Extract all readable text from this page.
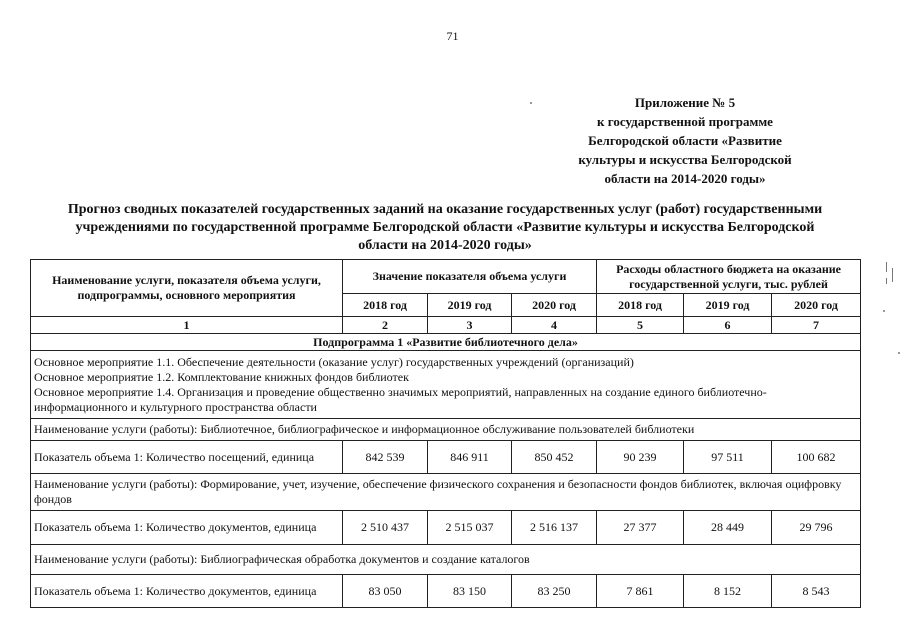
71
Приложение № 5
к государственной программе
Белгородской области «Развитие
культуры и искусства Белгородской
области на 2014-2020 годы»
Прогноз сводных показателей государственных заданий на оказание государственных услуг (работ) государственными
учреждениями по государственной программе Белгородской области «Развитие культуры и искусства Белгородской
области на 2014-2020 годы»
Наименование услуги, показателя объема услуги, подпрограммы, основного мероприятия	Значение показателя объема услуги			Расходы областного бюджета на оказание государственной услуги, тыс. рублей		
	2018 год	2019 год	2020 год	2018 год	2019 год	2020 год
1	2	3	4	5	6	7
Подпрограмма 1 «Развитие библиотечного дела»						

Основное мероприятие 1.1. Обеспечение деятельности (оказание услуг) государственных учреждений (организаций)
Основное мероприятие 1.2. Комплектование книжных фондов библиотек
Основное мероприятие 1.4. Организация и проведение общественно значимых мероприятий, направленных на создание единого библиотечно-информационного и культурного пространства области						

Наименование услуги (работы): Библиотечное, библиографическое и информационное обслуживание пользователей библиотеки						
Показатель объема 1: Количество посещений, единица	842 539	846 911	850 452	90 239	97 511	100 682
Наименование услуги (работы): Формирование, учет, изучение, обеспечение физического сохранения и безопасности фондов библиотек, включая оцифровку фондов						
Показатель объема 1: Количество документов, единица	2 510 437	2 515 037	2 516 137	27 377	28 449	29 796
Наименование услуги (работы): Библиографическая обработка документов и создание каталогов						
Показатель объема 1: Количество документов, единица	83 050	83 150	83 250	7 861	8 152	8 543
